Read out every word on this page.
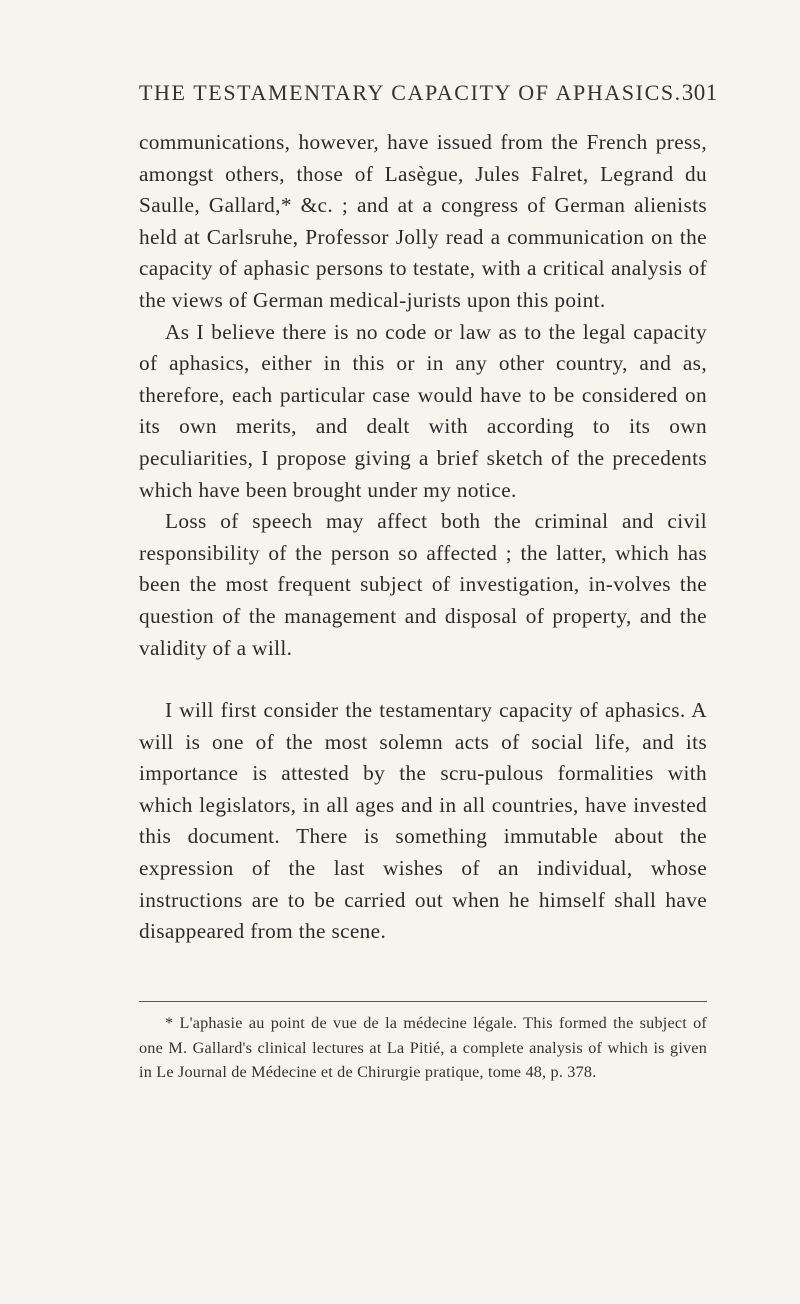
THE TESTAMENTARY CAPACITY OF APHASICS. 301

communications, however, have issued from the French press, amongst others, those of Lasègue, Jules Falret, Legrand du Saulle, Gallard,* &c. ; and at a congress of German alienists held at Carlsruhe, Professor Jolly read a communication on the capacity of aphasic persons to testate, with a critical analysis of the views of German medical-jurists upon this point.

As I believe there is no code or law as to the legal capacity of aphasics, either in this or in any other country, and as, therefore, each particular case would have to be considered on its own merits, and dealt with according to its own peculiarities, I propose giving a brief sketch of the precedents which have been brought under my notice.

Loss of speech may affect both the criminal and civil responsibility of the person so affected ; the latter, which has been the most frequent subject of investigation, in-volves the question of the management and disposal of property, and the validity of a will.

I will first consider the testamentary capacity of aphasics. A will is one of the most solemn acts of social life, and its importance is attested by the scru-pulous formalities with which legislators, in all ages and in all countries, have invested this document. There is something immutable about the expression of the last wishes of an individual, whose instructions are to be carried out when he himself shall have disappeared from the scene.

* L'aphasie au point de vue de la médecine légale. This formed the subject of one M. Gallard's clinical lectures at La Pitié, a complete analysis of which is given in Le Journal de Médecine et de Chirurgie pratique, tome 48, p. 378.
